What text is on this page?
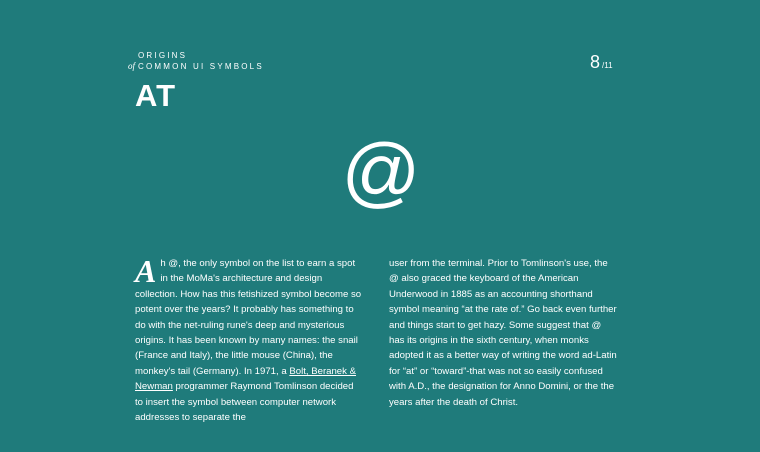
ORIGINS
of COMMON UI SYMBOLS
AT
8 /11
@
Ah @, the only symbol on the list to earn a spot in the MoMa's architecture and design collection. How has this fetishized symbol become so potent over the years? It probably has something to do with the net-ruling rune's deep and mysterious origins. It has been known by many names: the snail (France and Italy), the little mouse (China), the monkey's tail (Germany). In 1971, a Bolt, Beranek & Newman programmer Raymond Tomlinson decided to insert the symbol between computer network addresses to separate the
user from the terminal. Prior to Tomlinson's use, the @ also graced the keyboard of the American Underwood in 1885 as an accounting shorthand symbol meaning “at the rate of.” Go back even further and things start to get hazy. Some suggest that @ has its origins in the sixth century, when monks adopted it as a better way of writing the word ad-Latin for “at” or “toward”-that was not so easily confused with A.D., the designation for Anno Domini, or the the years after the death of Christ.
